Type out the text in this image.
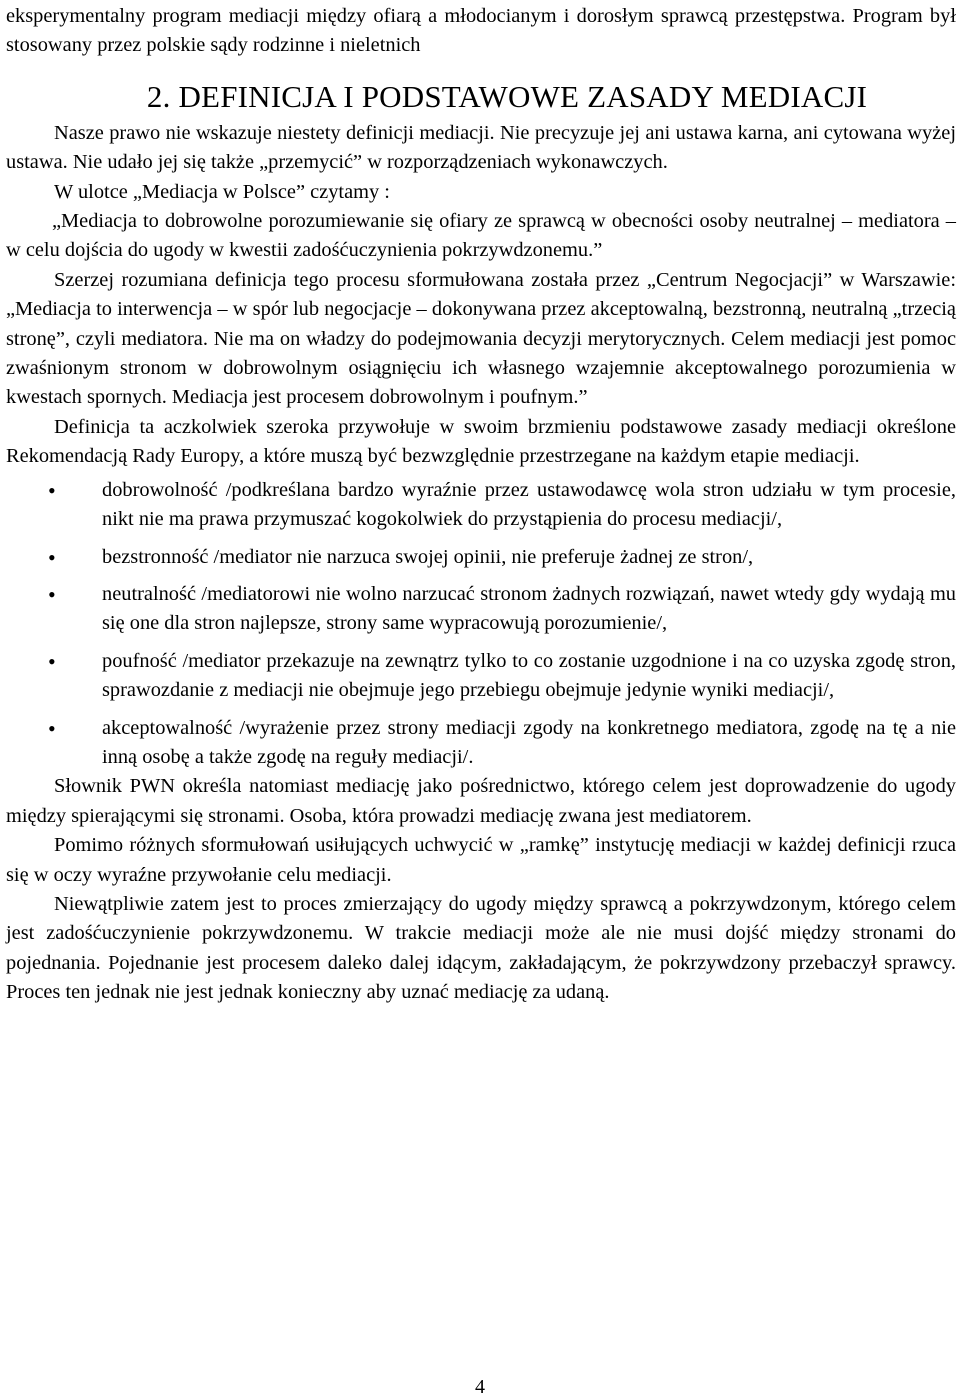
eksperymentalny program mediacji między ofiarą a młodocianym i dorosłym sprawcą przestępstwa. Program był stosowany przez polskie sądy rodzinne i nieletnich

2. DEFINICJA I PODSTAWOWE ZASADY MEDIACJI

Nasze prawo nie wskazuje niestety definicji mediacji. Nie precyzuje jej ani ustawa karna, ani cytowana wyżej ustawa. Nie udało jej się także „przemycić” w rozporządzeniach wykonawczych.

W ulotce „Mediacja w Polsce” czytamy :

„Mediacja to dobrowolne porozumiewanie się ofiary ze sprawcą w obecności osoby neutralnej – mediatora – w celu dojścia do ugody w kwestii zadośćuczynienia pokrzywdzonemu.”

Szerzej rozumiana definicja tego procesu sformułowana została przez „Centrum Negocjacji” w Warszawie: „Mediacja to interwencja – w spór lub negocjacje – dokonywana przez akceptowalną, bezstronną, neutralną „trzecią stronę”, czyli mediatora. Nie ma on władzy do podejmowania decyzji merytorycznych. Celem mediacji jest pomoc zwaśnionym stronom w dobrowolnym osiągnięciu ich własnego wzajemnie akceptowalnego porozumienia w kwestach spornych. Mediacja jest procesem dobrowolnym i poufnym.”

Definicja ta aczkolwiek szeroka przywołuje w swoim brzmieniu podstawowe zasady mediacji określone Rekomendacją Rady Europy, a które muszą być bezwzględnie przestrzegane na każdym etapie mediacji.

• dobrowolność /podkreślana bardzo wyraźnie przez ustawodawcę wola stron udziału w tym procesie, nikt nie ma prawa przymuszać kogokolwiek do przystąpienia do procesu mediacji/,
• bezstronność /mediator nie narzuca swojej opinii, nie preferuje żadnej ze stron/,
• neutralność /mediatorowi nie wolno narzucać stronom żadnych rozwiązań, nawet wtedy gdy wydają mu się one dla stron najlepsze, strony same wypracowują porozumienie/,
• poufność /mediator przekazuje na zewnątrz tylko to co zostanie uzgodnione i na co uzyska zgodę stron, sprawozdanie z mediacji nie obejmuje jego przebiegu obejmuje jedynie wyniki mediacji/,
• akceptowalność /wyrażenie przez strony mediacji zgody na konkretnego mediatora, zgodę na tę a nie inną osobę a także zgodę na reguły mediacji/.

Słownik PWN określa natomiast mediację jako pośrednictwo, którego celem jest doprowadzenie do ugody między spierającymi się stronami. Osoba, która prowadzi mediację zwana jest mediatorem.

Pomimo różnych sformułowań usiłujących uchwycić w „ramkę” instytucję mediacji w każdej definicji rzuca się w oczy wyraźne przywołanie celu mediacji.

Niewątpliwie zatem jest to proces zmierzający do ugody między sprawcą a pokrzywdzonym, którego celem jest zadośćuczynienie pokrzywdzonemu. W trakcie mediacji może ale nie musi dojść między stronami do pojednania. Pojednanie jest procesem daleko dalej idącym, zakładającym, że pokrzywdzony przebaczył sprawcy. Proces ten jednak nie jest jednak konieczny aby uznać mediację za udaną.

4
